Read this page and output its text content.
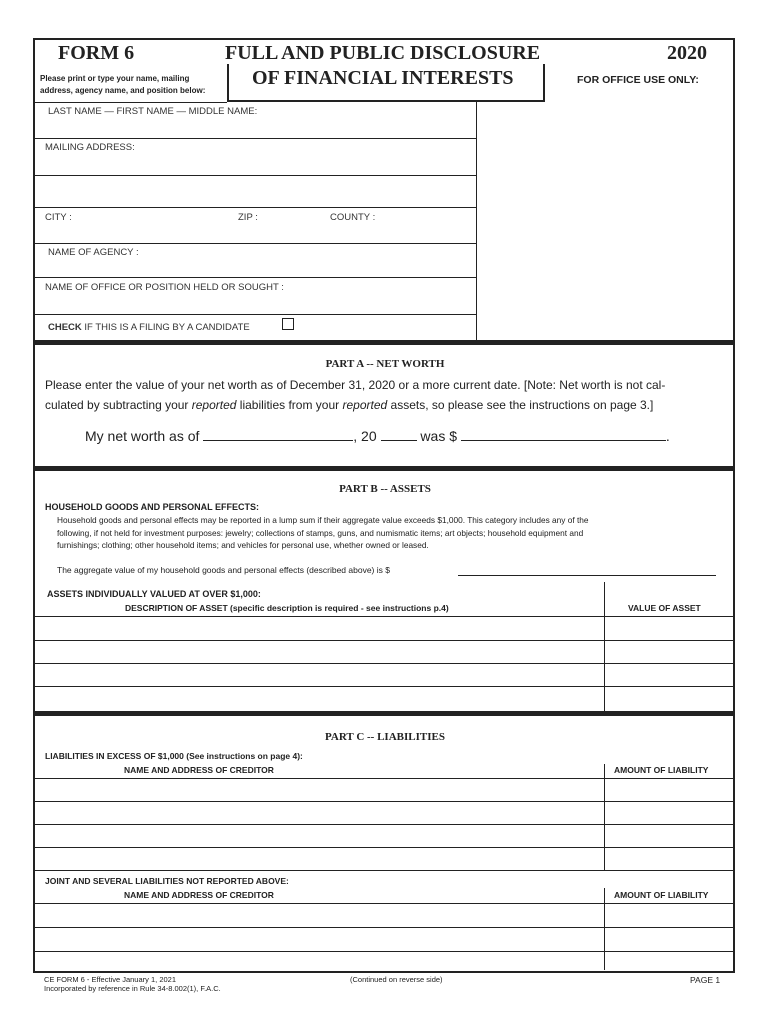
FORM 6	FULL AND PUBLIC DISCLOSURE	2020
OF FINANCIAL INTERESTS
Please print or type your name, mailing
address, agency name, and position below:
FOR OFFICE USE ONLY:
LAST NAME — FIRST NAME — MIDDLE NAME:
MAILING ADDRESS:
CITY :	ZIP :	COUNTY :
NAME OF AGENCY :
NAME OF OFFICE OR POSITION HELD OR SOUGHT :
CHECK IF THIS IS A FILING BY A CANDIDATE
PART A -- NET WORTH
Please enter the value of your net worth as of December 31, 2020 or a more current date. [Note: Net worth is not cal-
culated by subtracting your reported liabilities from your reported assets, so please see the instructions on page 3.]
My net worth as of	, 20	was $	.
PART B -- ASSETS
HOUSEHOLD GOODS AND PERSONAL EFFECTS:
Household goods and personal effects may be reported in a lump sum if their aggregate value exceeds $1,000. This category includes any of the
following, if not held for investment purposes: jewelry; collections of stamps, guns, and numismatic items; art objects; household equipment and
furnishings; clothing; other household items; and vehicles for personal use, whether owned or leased.
The aggregate value of my household goods and personal effects (described above) is $
ASSETS INDIVIDUALLY VALUED AT OVER $1,000:
DESCRIPTION OF ASSET (specific description is required - see instructions p.4)	VALUE OF ASSET
PART C -- LIABILITIES
LIABILITIES IN EXCESS OF $1,000 (See instructions on page 4):
NAME AND ADDRESS OF CREDITOR	AMOUNT OF LIABILITY
JOINT AND SEVERAL LIABILITIES NOT REPORTED ABOVE:
NAME AND ADDRESS OF CREDITOR	AMOUNT OF LIABILITY
CE FORM 6 - Effective January 1, 2021
Incorporated by reference in Rule 34-8.002(1), F.A.C.
(Continued on reverse side)	PAGE 1
